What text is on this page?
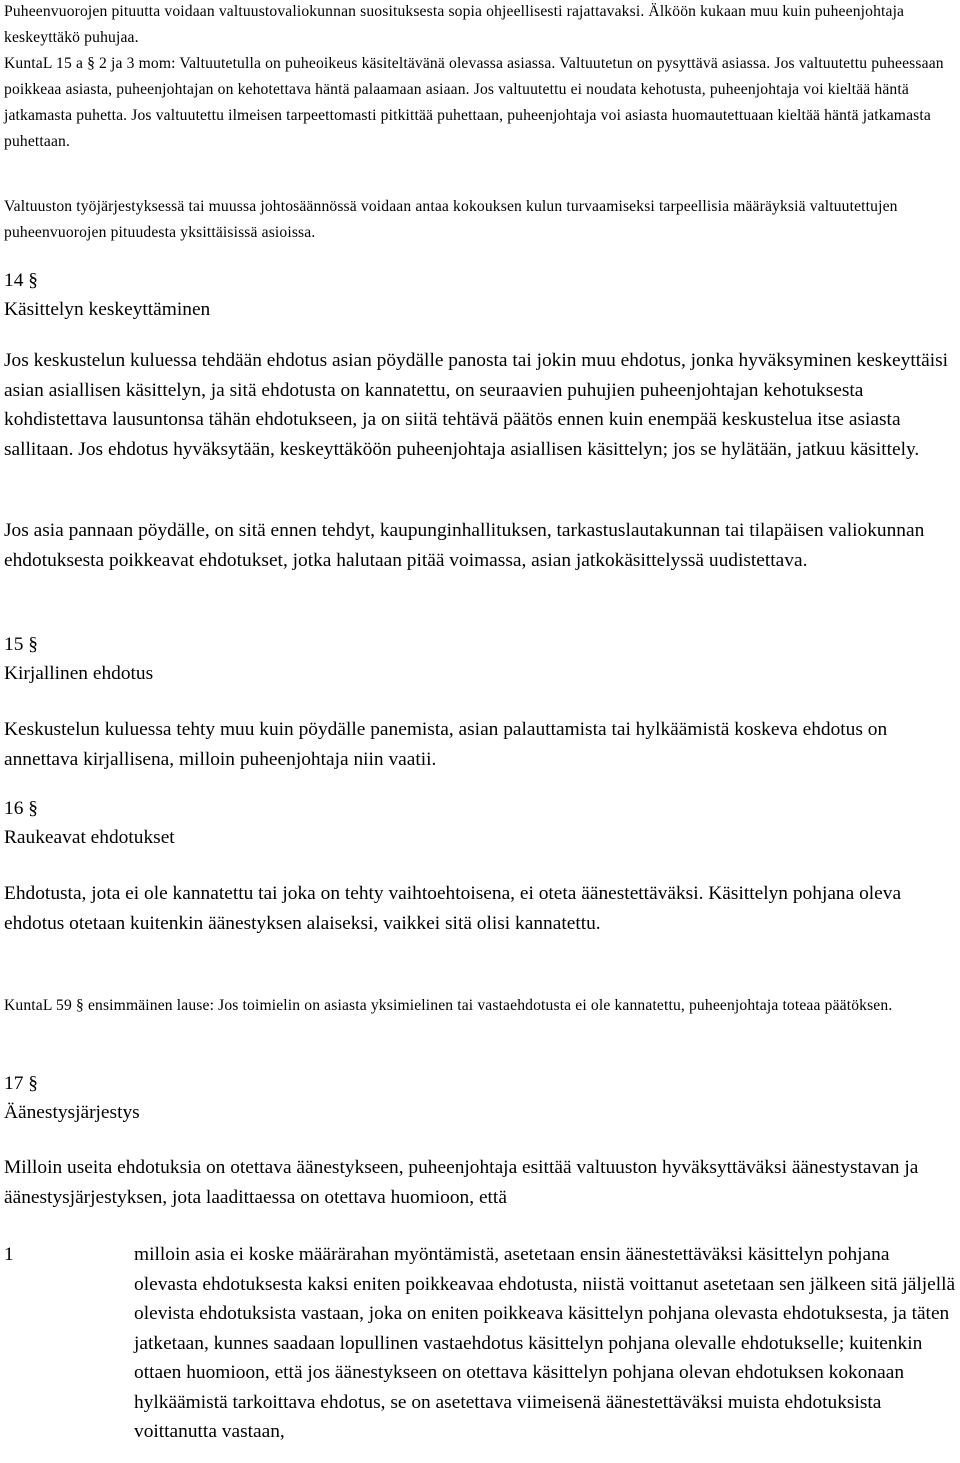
Puheenvuorojen pituutta voidaan valtuustovaliokunnan suosituksesta sopia ohjeellisesti rajattavaksi. Älköön kukaan muu kuin puheenjohtaja keskeyttäkö puhujaa.

KuntaL 15 a § 2 ja 3 mom: Valtuutetulla on puheoikeus käsiteltävänä olevassa asiassa. Valtuutetun on pysyttävä asiassa. Jos valtuutettu puheessaan poikkeaa asiasta, puheenjohtajan on kehotettava häntä palaamaan asiaan. Jos valtuutettu ei noudata kehotusta, puheenjohtaja voi kieltää häntä jatkamasta puhetta. Jos valtuutettu ilmeisen tarpeettomasti pitkittää puhettaan, puheenjohtaja voi asiasta huomautettuaan kieltää häntä jatkamasta puhettaan.

Valtuuston työjärjestyksessä tai muussa johtosäännössä voidaan antaa kokouksen kulun turvaamiseksi tarpeellisia määräyksiä valtuutettujen puheenvuorojen pituudesta yksittäisissä asioissa.

14 §
Käsittelyn keskeyttäminen

Jos keskustelun kuluessa tehdään ehdotus asian pöydälle panosta tai jokin muu ehdotus, jonka hyväksyminen keskeyttäisi asian asiallisen käsittelyn, ja sitä ehdotusta on kannatettu, on seuraavien puhujien puheenjohtajan kehotuksesta kohdistettava lausuntonsa tähän ehdotukseen, ja on siitä tehtävä päätös ennen kuin enempää keskustelua itse asiasta sallitaan. Jos ehdotus hyväksytään, keskeyttäköön puheenjohtaja asiallisen käsittelyn; jos se hylätään, jatkuu käsittely.

Jos asia pannaan pöydälle, on sitä ennen tehdyt, kaupunginhallituksen, tarkastuslautakunnan tai tilapäisen valiokunnan ehdotuksesta poikkeavat ehdotukset, jotka halutaan pitää voimassa, asian jatkokäsittelyssä uudistettava.

15 §
Kirjallinen ehdotus

Keskustelun kuluessa tehty muu kuin pöydälle panemista, asian palauttamista tai hylkäämistä koskeva ehdotus on annettava kirjallisena, milloin puheenjohtaja niin vaatii.

16 §
Raukeavat ehdotukset

Ehdotusta, jota ei ole kannatettu tai joka on tehty vaihtoehtoisena, ei oteta äänestettäväksi. Käsittelyn pohjana oleva ehdotus otetaan kuitenkin äänestyksen alaiseksi, vaikkei sitä olisi kannatettu.

KuntaL 59 § ensimmäinen lause: Jos toimielin on asiasta yksimielinen tai vastaehdotusta ei ole kannatettu, puheenjohtaja toteaa päätöksen.

17 §
Äänestysjärjestys

Milloin useita ehdotuksia on otettava äänestykseen, puheenjohtaja esittää valtuuston hyväksyttäväksi äänestystavan ja äänestysjärjestyksen, jota laadittaessa on otettava huomioon, että

1	milloin asia ei koske määrärahan myöntämistä, asetetaan ensin äänestettäväksi käsittelyn pohjana olevasta ehdotuksesta kaksi eniten poikkeavaa ehdotusta, niistä voittanut asetetaan sen jälkeen sitä jäljellä olevista ehdotuksista vastaan, joka on eniten poikkeava käsittelyn pohjana olevasta ehdotuksesta, ja täten jatketaan, kunnes saadaan lopullinen vastaehdotus käsittelyn pohjana olevalle ehdotukselle; kuitenkin ottaen huomioon, että jos äänestykseen on otettava käsittelyn pohjana olevan ehdotuksen kokonaan hylkäämistä tarkoittava ehdotus, se on asetettava viimeisenä äänestettäväksi muista ehdotuksista voittanutta vastaan,
